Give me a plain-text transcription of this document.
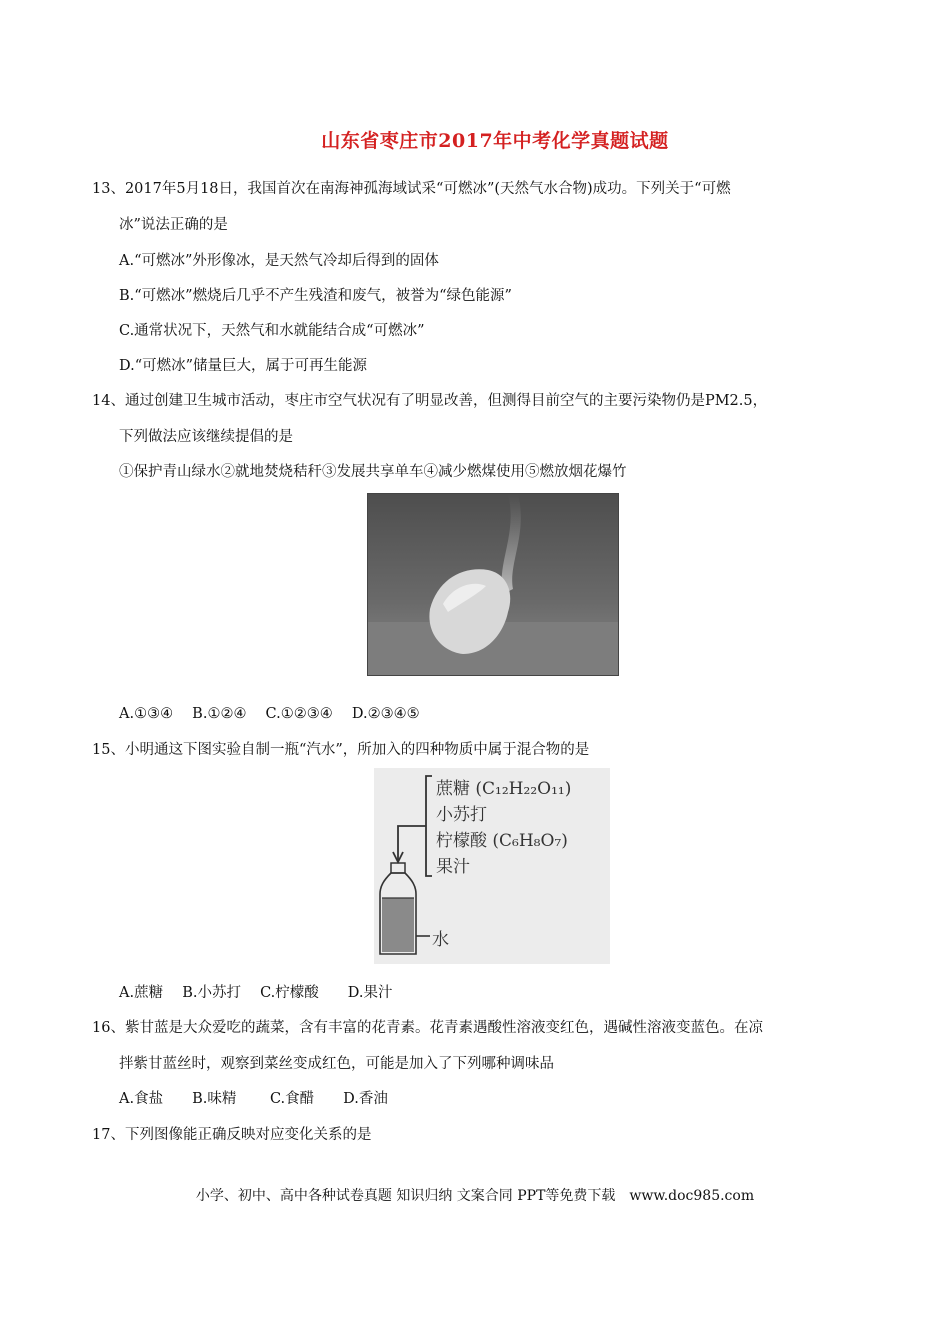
山东省枣庄市2017年中考化学真题试题
13、2017年5月18日，我国首次在南海神孤海域试采“可燃冰”(天然气水合物)成功。下列关于“可燃
冰”说法正确的是
A.“可燃冰”外形像冰，是天然气冷却后得到的固体
B.“可燃冰”燃烧后几乎不产生残渣和废气，被誉为“绿色能源”
C.通常状况下，天然气和水就能结合成“可燃冰”
D.“可燃冰”储量巨大，属于可再生能源
14、通过创建卫生城市活动，枣庄市空气状况有了明显改善，但测得目前空气的主要污染物仍是PM2.5，
下列做法应该继续提倡的是
①保护青山绿水②就地焚烧秸秆③发展共享单车④减少燃煤使用⑤燃放烟花爆竹
A.①③④　 B.①②④　 C.①②③④　 D.②③④⑤
15、小明通这下图实验自制一瓶“汽水”，所加入的四种物质中属于混合物的是
蔗糖 (C₁₂H₂₂O₁₁)
小苏打
柠檬酸 (C₆H₈O₇)
果汁
水
A.蔗糖　 B.小苏打　 C.柠檬酸　　D.果汁
16、紫甘蓝是大众爱吃的蔬菜，含有丰富的花青素。花青素遇酸性溶液变红色，遇碱性溶液变蓝色。在凉
拌紫甘蓝丝时，观察到菜丝变成红色，可能是加入了下列哪种调味品
A.食盐　　B.味精　　 C.食醋　　D.香油
17、下列图像能正确反映对应变化关系的是
小学、初中、高中各种试卷真题 知识归纳 文案合同 PPT等免费下载　www.doc985.com
